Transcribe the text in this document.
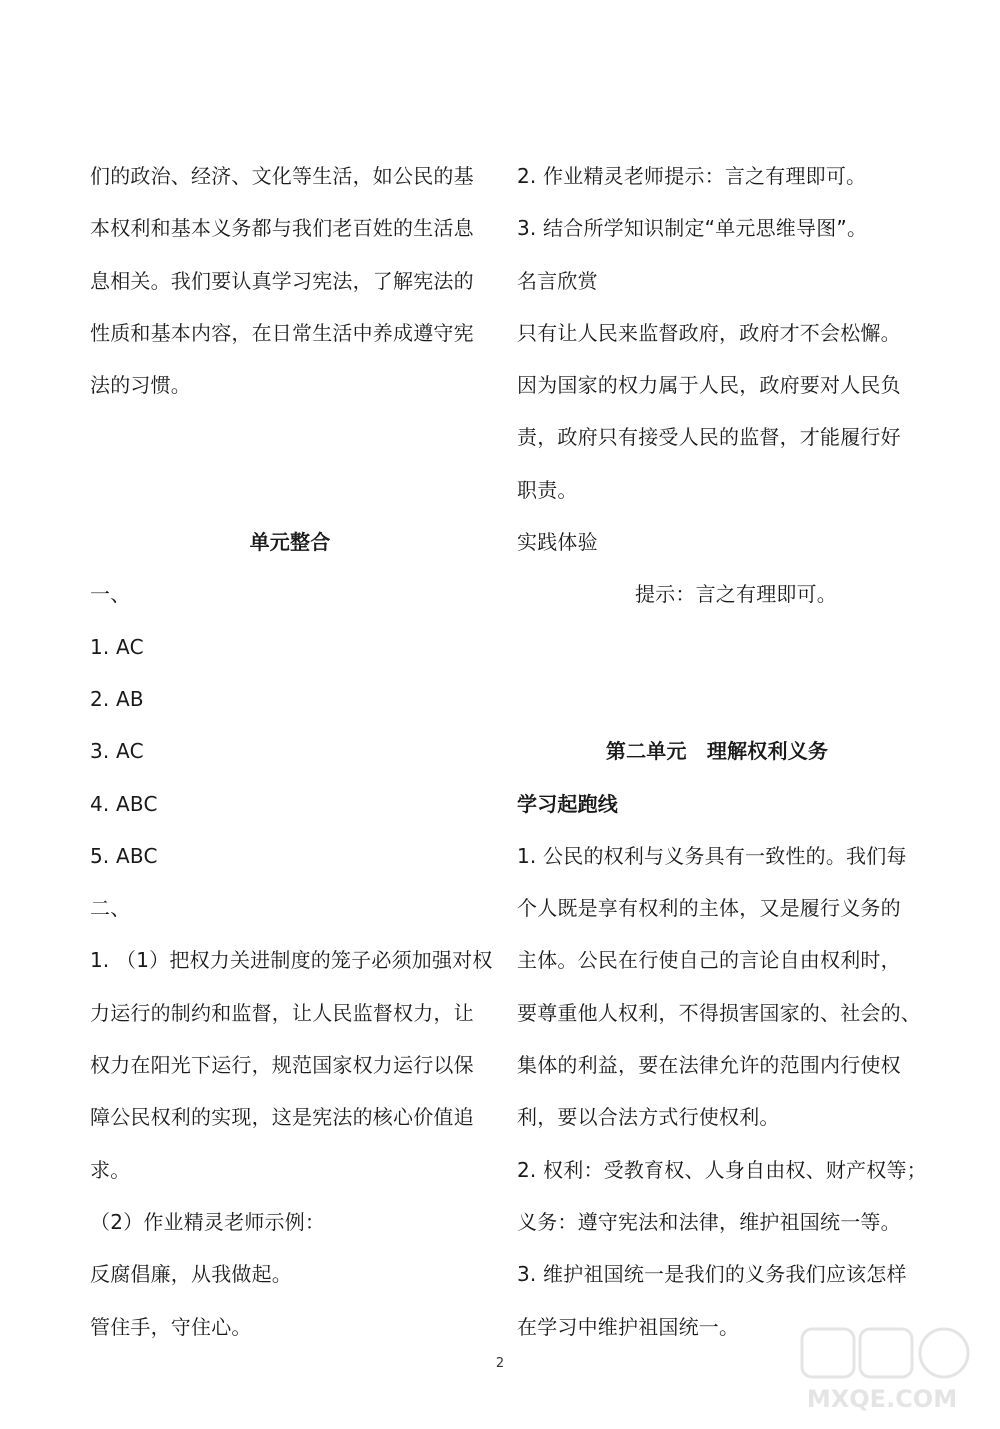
们的政治、经济、文化等生活，如公民的基
本权利和基本义务都与我们老百姓的生活息
息相关。我们要认真学习宪法，了解宪法的
性质和基本内容，在日常生活中养成遵守宪
法的习惯。
单元整合
一、
1. AC
2. AB
3. AC
4. ABC
5. ABC
二、
1. （1）把权力关进制度的笼子必须加强对权
力运行的制约和监督，让人民监督权力，让
权力在阳光下运行，规范国家权力运行以保
障公民权利的实现，这是宪法的核心价值追
求。
（2）作业精灵老师示例：
反腐倡廉，从我做起。
管住手，守住心。
2. 作业精灵老师提示：言之有理即可。
3. 结合所学知识制定“单元思维导图”。
名言欣赏
只有让人民来监督政府，政府才不会松懈。
因为国家的权力属于人民，政府要对人民负
责，政府只有接受人民的监督，才能履行好
职责。
实践体验
提示：言之有理即可。
第二单元　理解权利义务
学习起跑线
1. 公民的权利与义务具有一致性的。我们每
个人既是享有权利的主体，又是履行义务的
主体。公民在行使自己的言论自由权利时，
要尊重他人权利，不得损害国家的、社会的、
集体的利益，要在法律允许的范围内行使权
利，要以合法方式行使权利。
2. 权利：受教育权、人身自由权、财产权等；
义务：遵守宪法和法律，维护祖国统一等。
3. 维护祖国统一是我们的义务我们应该怎样
在学习中维护祖国统一。
2
MXQE.COM
